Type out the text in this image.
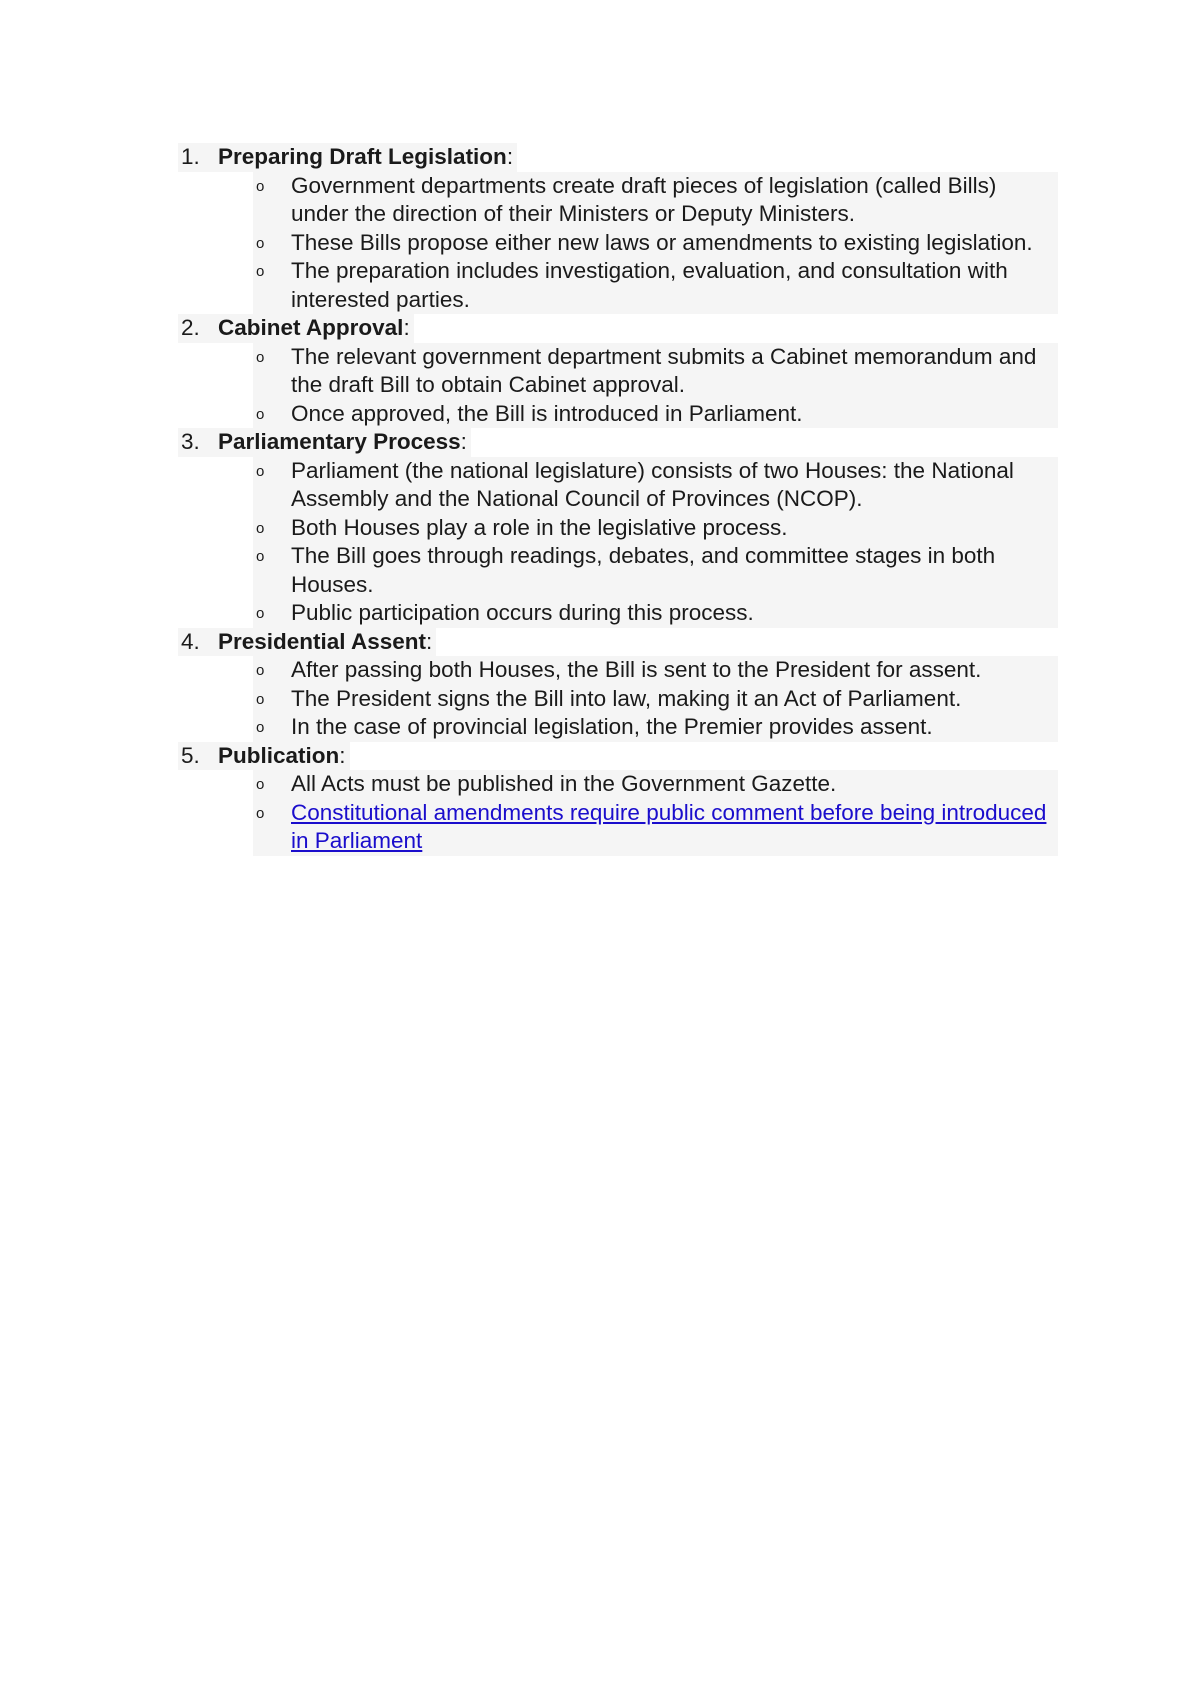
1. Preparing Draft Legislation:
o Government departments create draft pieces of legislation (called Bills) under the direction of their Ministers or Deputy Ministers.
o These Bills propose either new laws or amendments to existing legislation.
o The preparation includes investigation, evaluation, and consultation with interested parties.
2. Cabinet Approval:
o The relevant government department submits a Cabinet memorandum and the draft Bill to obtain Cabinet approval.
o Once approved, the Bill is introduced in Parliament.
3. Parliamentary Process:
o Parliament (the national legislature) consists of two Houses: the National Assembly and the National Council of Provinces (NCOP).
o Both Houses play a role in the legislative process.
o The Bill goes through readings, debates, and committee stages in both Houses.
o Public participation occurs during this process.
4. Presidential Assent:
o After passing both Houses, the Bill is sent to the President for assent.
o The President signs the Bill into law, making it an Act of Parliament.
o In the case of provincial legislation, the Premier provides assent.
5. Publication:
o All Acts must be published in the Government Gazette.
o Constitutional amendments require public comment before being introduced in Parliament
